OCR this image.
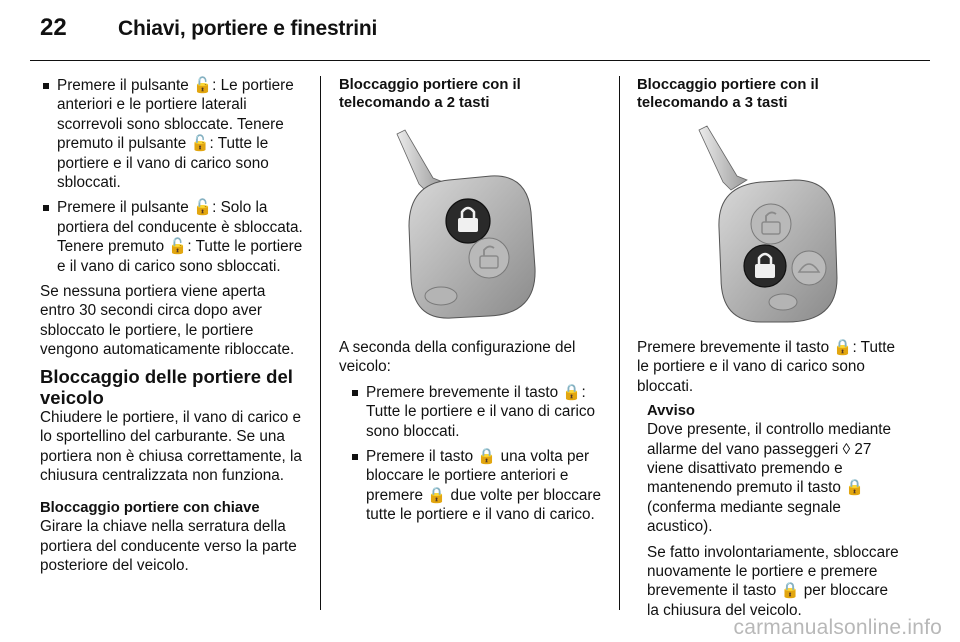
22	Chiavi, portiere e finestrini

Premere il pulsante 🔓: Le portiere anteriori e le portiere laterali scorrevoli sono sbloccate. Tenere premuto il pulsante 🔓: Tutte le portiere e il vano di carico sono sbloccati.

Premere il pulsante 🔓: Solo la portiera del conducente è sbloccata. Tenere premuto 🔓: Tutte le portiere e il vano di carico sono sbloccati.

Se nessuna portiera viene aperta entro 30 secondi circa dopo aver sbloccato le portiere, le portiere vengono automaticamente ribloccate.

Bloccaggio delle portiere del veicolo

Chiudere le portiere, il vano di carico e lo sportellino del carburante. Se una portiera non è chiusa correttamente, la chiusura centralizzata non funziona.

Bloccaggio portiere con chiave

Girare la chiave nella serratura della portiera del conducente verso la parte posteriore del veicolo.

Bloccaggio portiere con il
telecomando a 2 tasti

A seconda della configurazione del veicolo:

Premere brevemente il tasto 🔒: Tutte le portiere e il vano di carico sono bloccati.

Premere il tasto 🔒 una volta per bloccare le portiere anteriori e premere 🔒 due volte per bloccare tutte le portiere e il vano di carico.

Bloccaggio portiere con il
telecomando a 3 tasti

Premere brevemente il tasto 🔒: Tutte le portiere e il vano di carico sono bloccati.

Avviso

Dove presente, il controllo mediante allarme del vano passeggeri ◊ 27 viene disattivato premendo e mantenendo premuto il tasto 🔒 (conferma mediante segnale acustico).

Se fatto involontariamente, sbloccare nuovamente le portiere e premere brevemente il tasto 🔒 per bloccare la chiusura del veicolo.

carmanualsonline.info
